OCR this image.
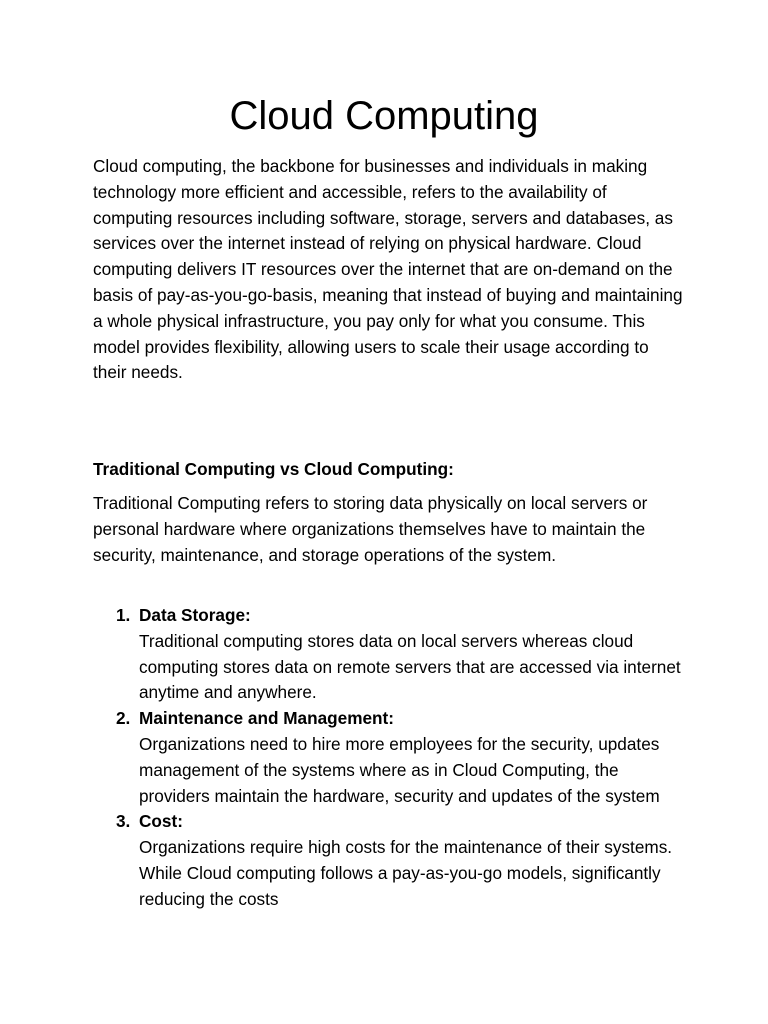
Cloud Computing

Cloud computing, the backbone for businesses and individuals in making technology more efficient and accessible, refers to the availability of computing resources including software, storage, servers and databases, as services over the internet instead of relying on physical hardware. Cloud computing delivers IT resources over the internet that are on-demand on the basis of pay-as-you-go-basis, meaning that instead of buying and maintaining a whole physical infrastructure, you pay only for what you consume. This model provides flexibility, allowing users to scale their usage according to their needs.

Traditional Computing vs Cloud Computing:

Traditional Computing refers to storing data physically on local servers or personal hardware where organizations themselves have to maintain the security, maintenance, and storage operations of the system.

1. Data Storage:
Traditional computing stores data on local servers whereas cloud computing stores data on remote servers that are accessed via internet anytime and anywhere.
2. Maintenance and Management:
Organizations need to hire more employees for the security, updates management of the systems where as in Cloud Computing, the providers maintain the hardware, security and updates of the system
3. Cost:
Organizations require high costs for the maintenance of their systems. While Cloud computing follows a pay-as-you-go models, significantly reducing the costs
